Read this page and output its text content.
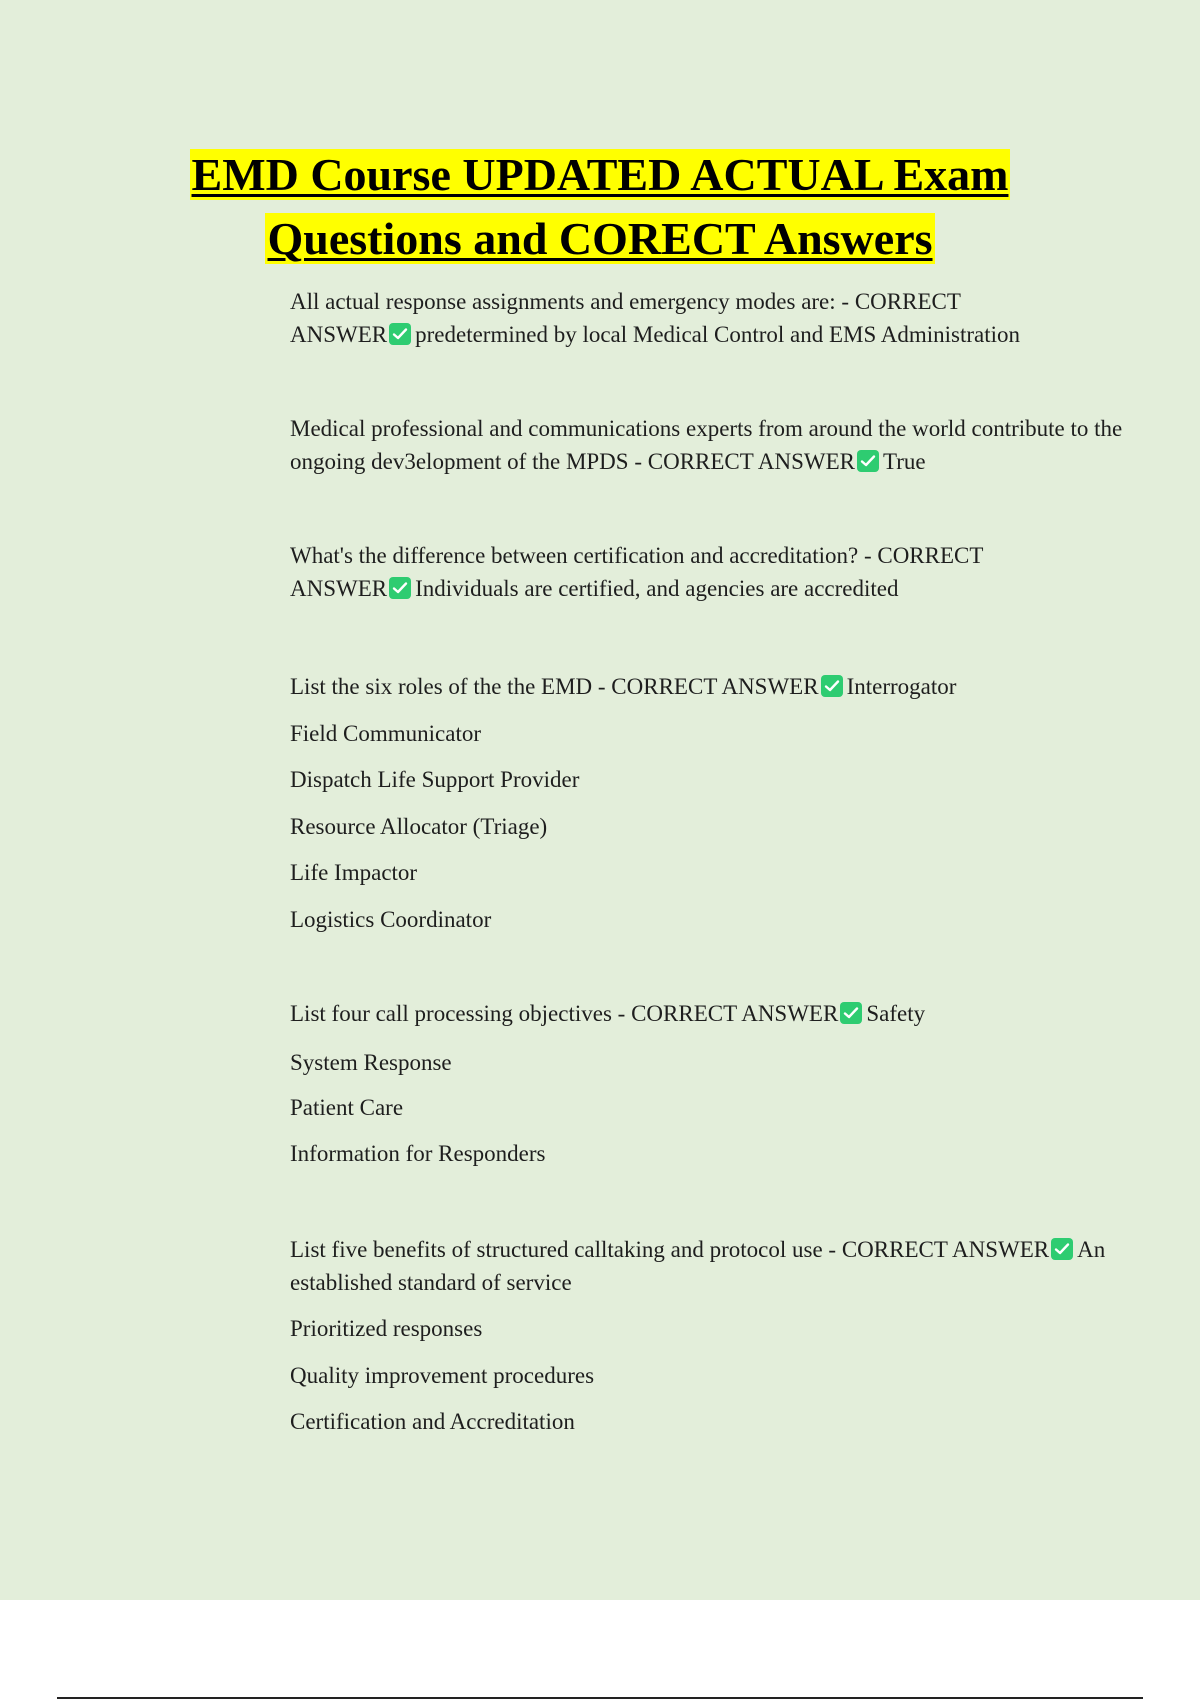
EMD Course UPDATED ACTUAL Exam
Questions and CORECT Answers

All actual response assignments and emergency modes are: - CORRECT

ANSWER predetermined by local Medical Control and EMS Administration

Medical professional and communications experts from around the world contribute to the

ongoing dev3elopment of the MPDS - CORRECT ANSWER True

What's the difference between certification and accreditation? - CORRECT

ANSWER Individuals are certified, and agencies are accredited

List the six roles of the the EMD - CORRECT ANSWER Interrogator

Field Communicator

Dispatch Life Support Provider

Resource Allocator (Triage)

Life Impactor

Logistics Coordinator

List four call processing objectives - CORRECT ANSWER Safety

System Response

Patient Care

Information for Responders

List five benefits of structured calltaking and protocol use - CORRECT ANSWER An

established standard of service

Prioritized responses

Quality improvement procedures

Certification and Accreditation
